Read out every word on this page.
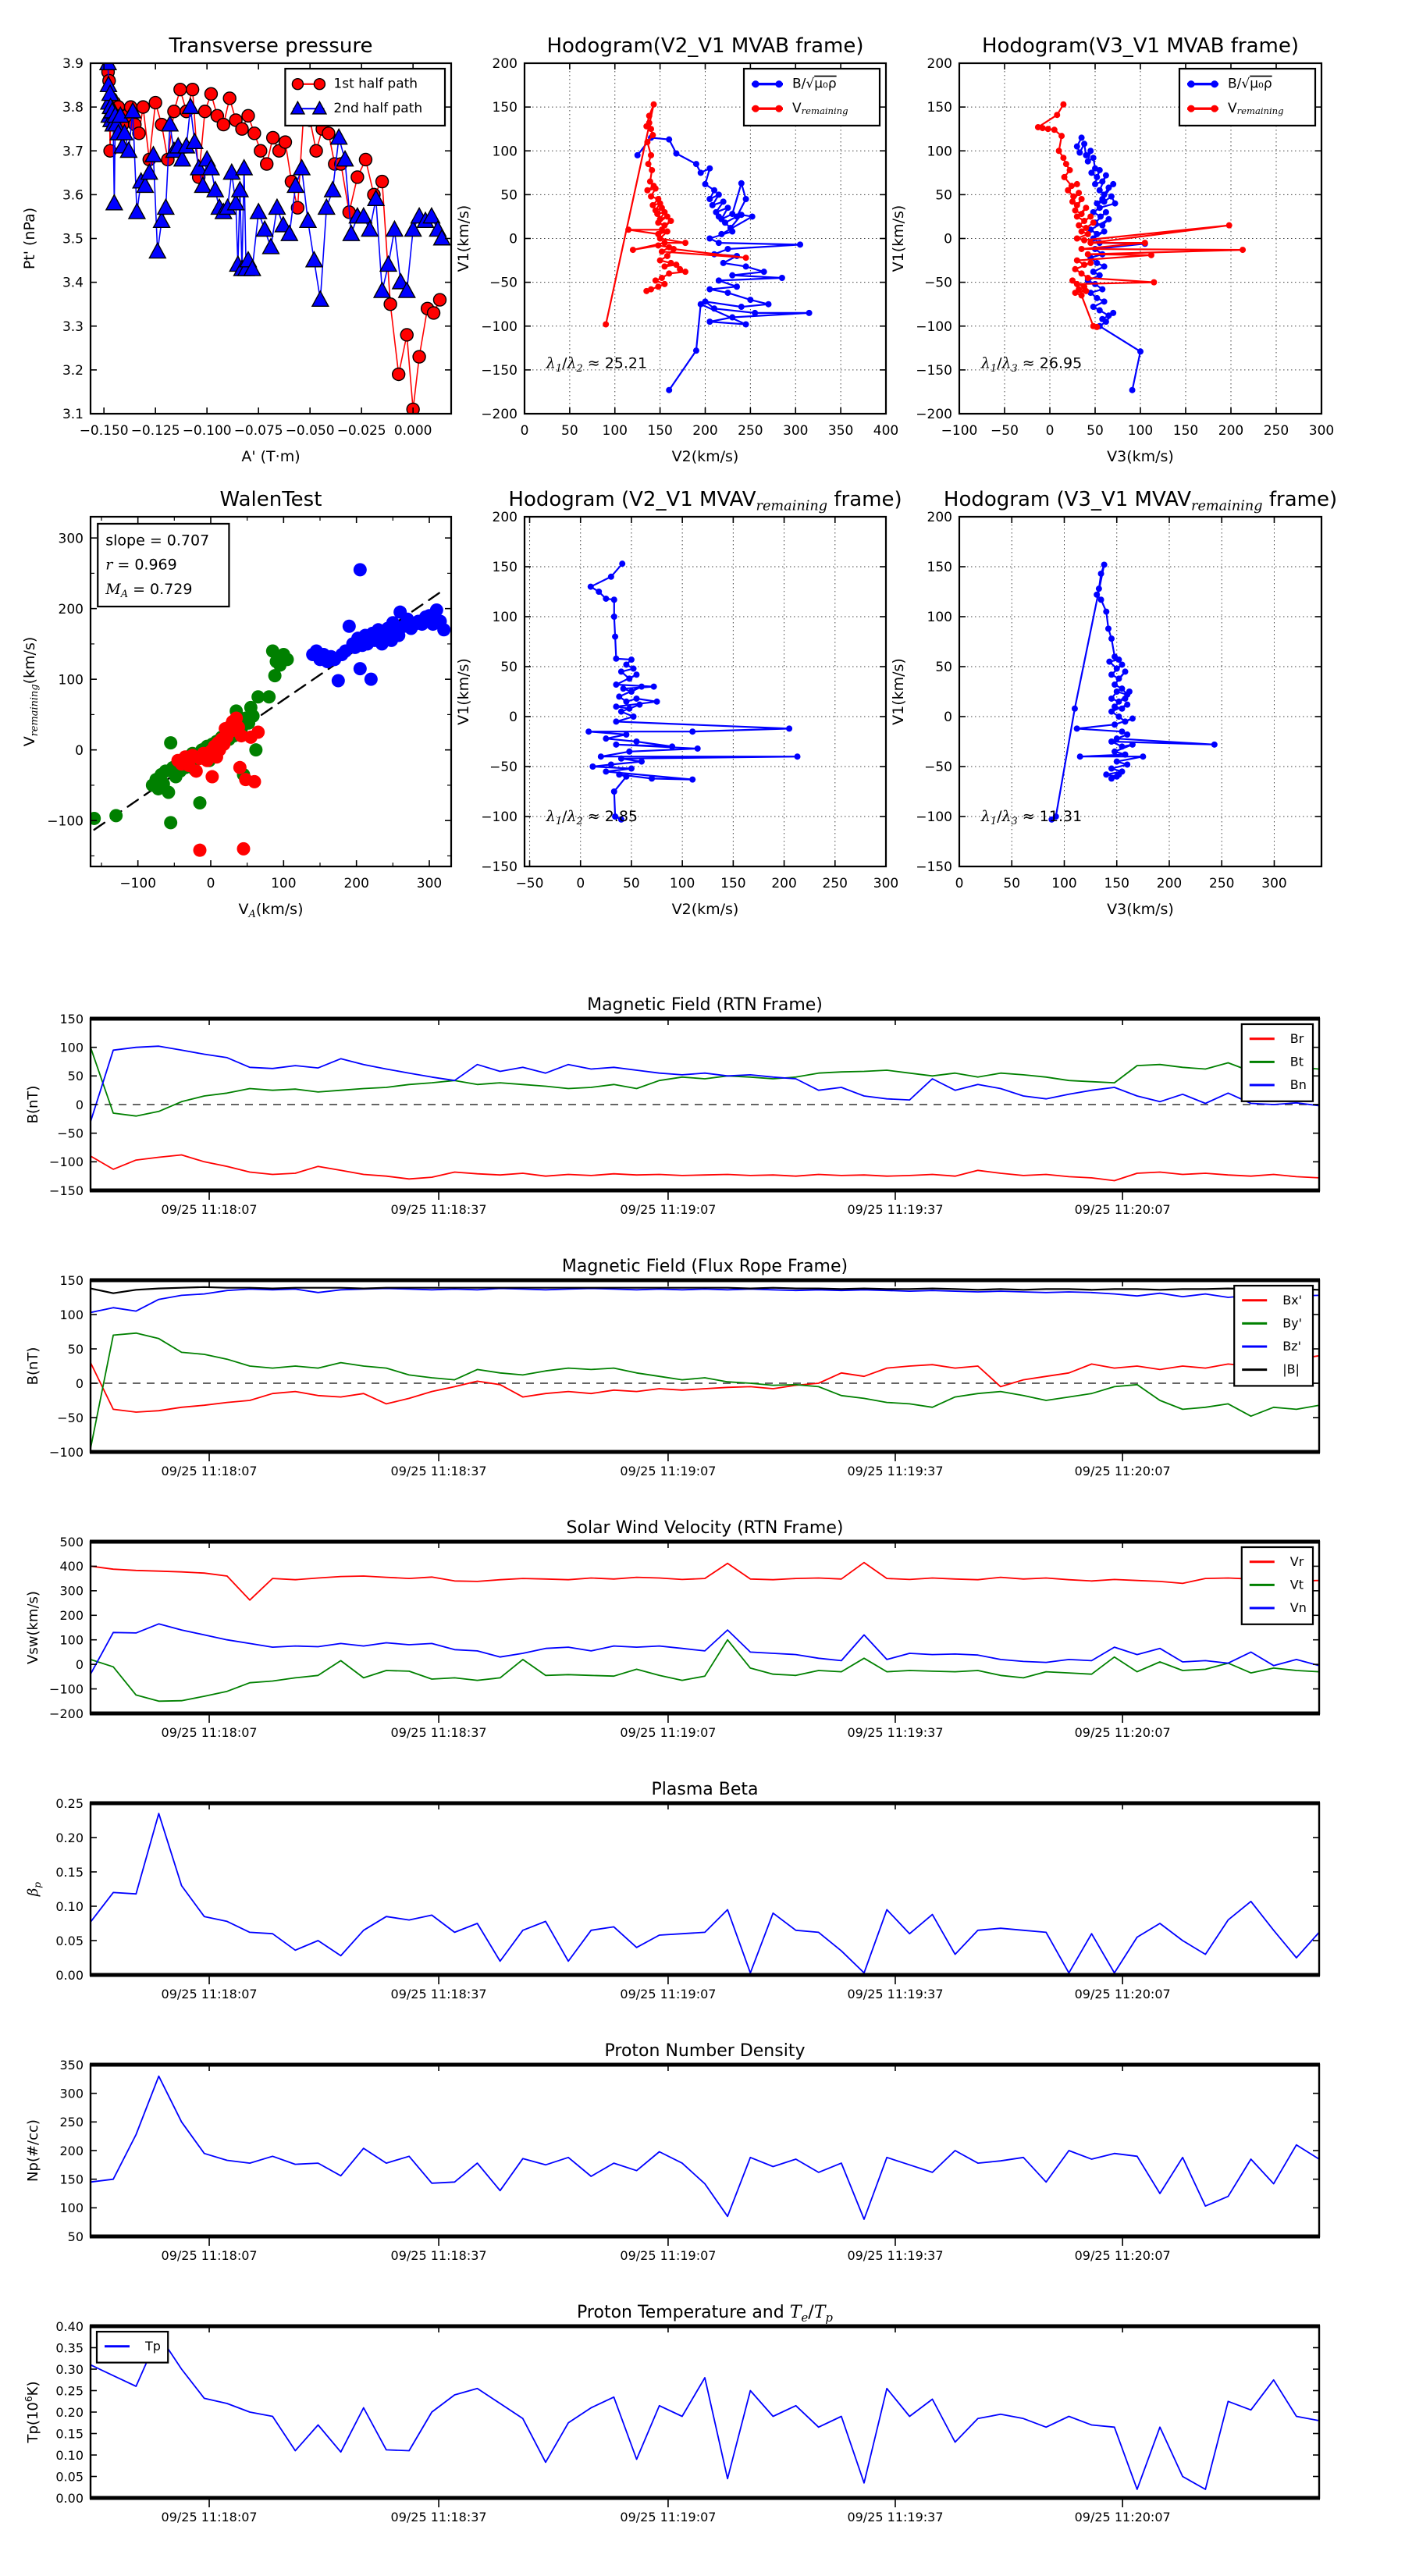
−0.150 −0.125 −0.100 −0.075 −0.050 −0.025 0.000
3.1
3.2
3.3
3.4
3.5
3.6
3.7
3.8
3.9
Transverse pressure
A' (T·m)
Pt' (nPa)
1st half path
2nd half path
0 50 100 150 200 250 300 350 400
−200
−150
−100
−50
0
50
100
150
200
Hodogram(V2_V1 MVAB frame)
V2(km/s)
V1(km/s)
$\lambda_1/\lambda_2 \approx 25.21$
B/√μ₀ρ
$V_{remaining}$
−100 −50 0 50 100 150 200 250 300
−200
−150
−100
−50
0
50
100
150
200
Hodogram(V3_V1 MVAB frame)
V3(km/s)
V1(km/s)
$\lambda_1/\lambda_3 \approx 26.95$
B/√μ₀ρ
$V_{remaining}$
−100	0	100	200	300
−100
0
100
200
300
WalenTest
$V_A(km/s)$
$V_{remaining}(km/s)$
slope = 0.707
r = 0.969
$M_A = 0.729$
−50 0	50 100 150 200 250 300
−150
−100
−50
0
50
100
150
200
Hodogram (V2_V1 $MVAV_{remaining}$ frame)
V2(km/s)
V1(km/s)
$\lambda_1/\lambda_2 \approx 2.85$
0	50 100 150 200 250 300
−150
−100
−50
0
50
100
150
200
Hodogram (V3_V1 $MVAV_{remaining}$ frame)
V3(km/s)
V1(km/s)
$\lambda_1/\lambda_3 \approx 11.31$
09/25 11:18:07	09/25 11:18:37	09/25 11:19:07	09/25 11:19:37	09/25 11:20:07
−150
−100
−50
0
50
100
150
Magnetic Field (RTN Frame)
B(nT)
Br
Bt
Bn
09/25 11:18:07	09/25 11:18:37	09/25 11:19:07	09/25 11:19:37	09/25 11:20:07
−100
−50
0
50
100
150
Magnetic Field (Flux Rope Frame)
B(nT)
Bx'
By'
Bz'
|B|
09/25 11:18:07	09/25 11:18:37	09/25 11:19:07	09/25 11:19:37	09/25 11:20:07
−200
−100
0
100
200
300
400
500
Solar Wind Velocity (RTN Frame)
Vsw(km/s)
Vr
Vt
Vn
09/25 11:18:07	09/25 11:18:37	09/25 11:19:07	09/25 11:19:37	09/25 11:20:07
0.00
0.05
0.10
0.15
0.20
0.25
Plasma Beta
$\beta_p$
09/25 11:18:07	09/25 11:18:37	09/25 11:19:07	09/25 11:19:37	09/25 11:20:07
50
100
150
200
250
300
350
Proton Number Density
Np(#/cc)
09/25 11:18:07	09/25 11:18:37	09/25 11:19:07	09/25 11:19:37	09/25 11:20:07
0.00
0.05
0.10
0.15
0.20
0.25
0.30
0.35
0.40
Proton Temperature and $T_e/T_p$
$Tp(10^6K)$
Tp
